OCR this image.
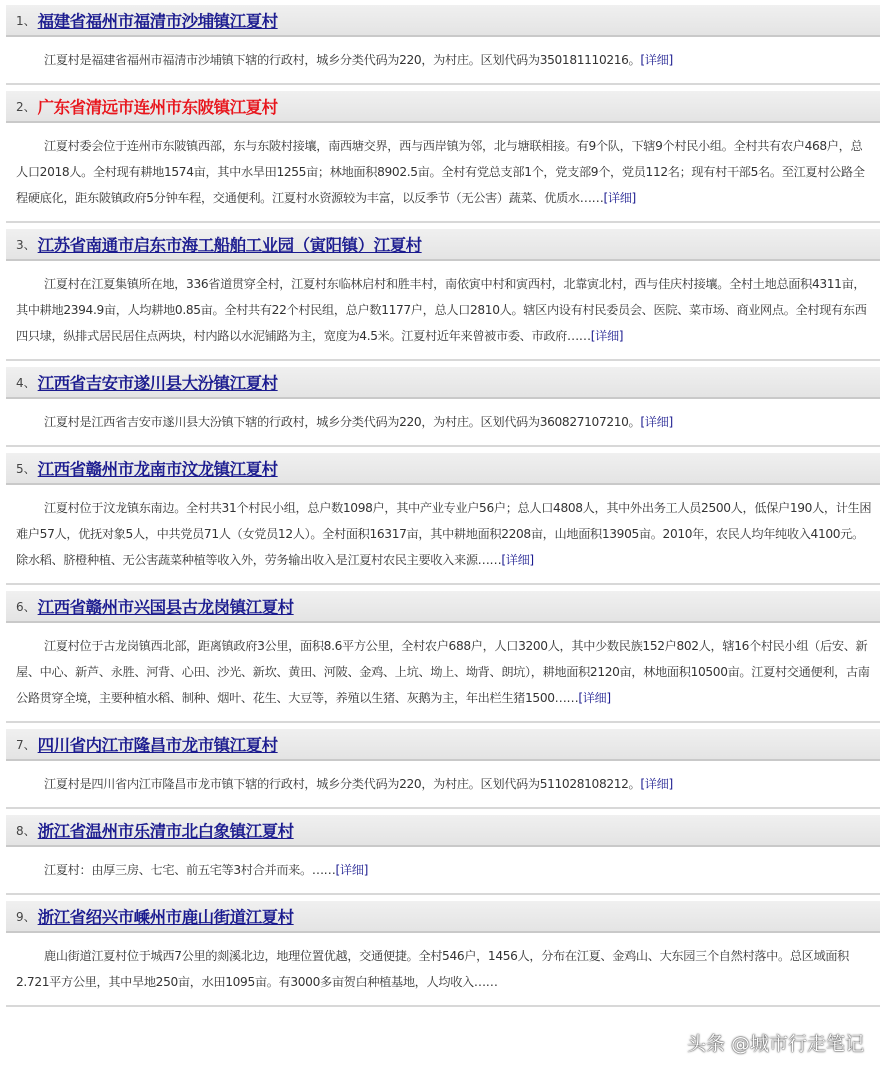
1、 福建省福州市福清市沙埔镇江夏村
江夏村是福建省福州市福清市沙埔镇下辖的行政村，城乡分类代码为220，为村庄。区划代码为350181110216。[详细]
2、 广东省清远市连州市东陂镇江夏村
江夏村委会位于连州市东陂镇西部，东与东陂村接壤，南西塘交界，西与西岸镇为邻，北与塘联相接。有9个队，下辖9个村民小组。全村共有农户468户，总人口2018人。全村现有耕地1574亩，其中水旱田1255亩；林地面积8902.5亩。全村有党总支部1个，党支部9个，党员112名；现有村干部5名。至江夏村公路全程硬底化，距东陂镇政府5分钟车程，交通便利。江夏村水资源较为丰富，以反季节（无公害）蔬菜、优质水……[详细]
3、 江苏省南通市启东市海工船舶工业园（寅阳镇）江夏村
江夏村在江夏集镇所在地，336省道贯穿全村，江夏村东临林启村和胜丰村，南依寅中村和寅西村，北靠寅北村，西与佳庆村接壤。全村土地总面积4311亩，其中耕地2394.9亩，人均耕地0.85亩。全村共有22个村民组，总户数1177户，总人口2810人。辖区内设有村民委员会、医院、菜市场、商业网点。全村现有东西四只埭，纵排式居民居住点两块，村内路以水泥铺路为主，宽度为4.5米。江夏村近年来曾被市委、市政府……[详细]
4、 江西省吉安市遂川县大汾镇江夏村
江夏村是江西省吉安市遂川县大汾镇下辖的行政村，城乡分类代码为220，为村庄。区划代码为360827107210。[详细]
5、 江西省赣州市龙南市汶龙镇江夏村
江夏村位于汶龙镇东南边。全村共31个村民小组，总户数1098户，其中产业专业户56户；总人口4808人，其中外出务工人员2500人，低保户190人，计生困难户57人，优抚对象5人，中共党员71人（女党员12人）。全村面积16317亩，其中耕地面积2208亩，山地面积13905亩。2010年，农民人均年纯收入4100元。除水稻、脐橙种植、无公害蔬菜种植等收入外，劳务输出收入是江夏村农民主要收入来源……[详细]
6、 江西省赣州市兴国县古龙岗镇江夏村
江夏村位于古龙岗镇西北部，距离镇政府3公里，面积8.6平方公里，全村农户688户，人口3200人，其中少数民族152户802人，辖16个村民小组（后安、新屋、中心、新芦、永胜、河背、心田、沙光、新坎、黄田、河陂、金鸡、上坑、坳上、坳背、朗坑），耕地面积2120亩，林地面积10500亩。江夏村交通便利，古南公路贯穿全境，主要种植水稻、制种、烟叶、花生、大豆等，养殖以生猪、灰鹅为主，年出栏生猪1500……[详细]
7、 四川省内江市隆昌市龙市镇江夏村
江夏村是四川省内江市隆昌市龙市镇下辖的行政村，城乡分类代码为220，为村庄。区划代码为511028108212。[详细]
8、 浙江省温州市乐清市北白象镇江夏村
江夏村：由厚三房、七宅、前五宅等3村合并而来。……[详细]
9、 浙江省绍兴市嵊州市鹿山街道江夏村
鹿山街道江夏村位于城西7公里的剡溪北边，地理位置优越，交通便捷。全村546户，1456人，分布在江夏、金鸡山、大东园三个自然村落中。总区域面积2.721平方公里，其中旱地250亩，水田1095亩。有3000多亩贺白种植基地，人均收入……
头条 @城市行走笔记
